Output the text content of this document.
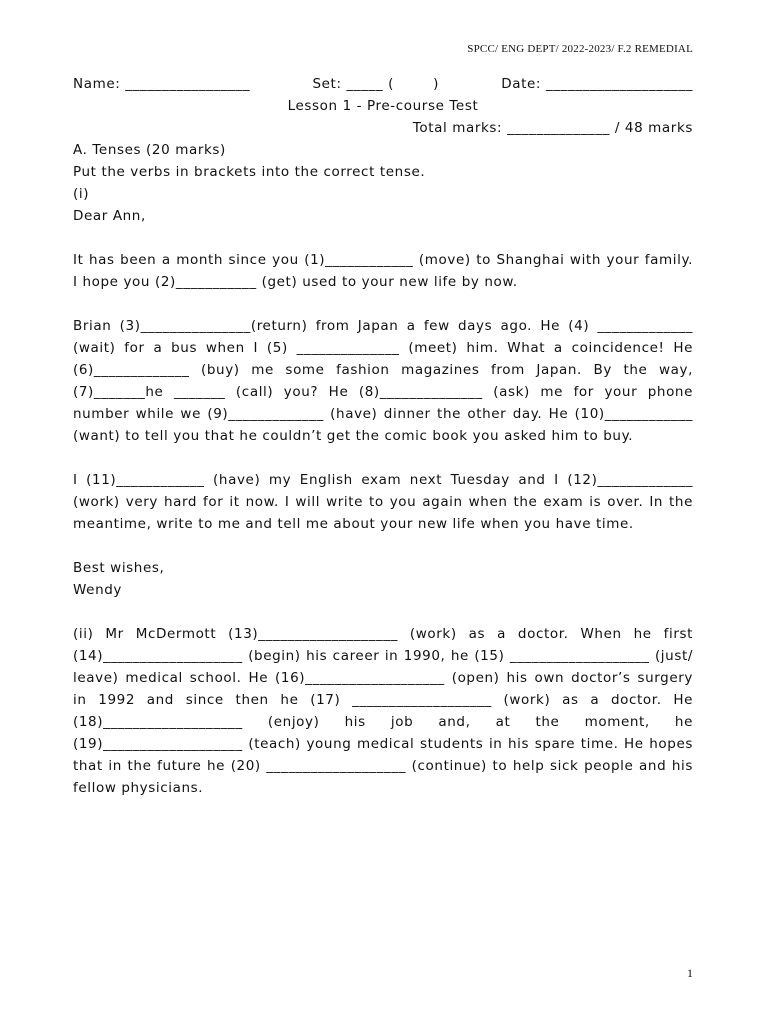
SPCC/ ENG DEPT/ 2022-2023/ F.2 REMEDIAL
Name: _________________	Set: _____ (        )	Date: ____________________
Lesson 1 - Pre-course Test
Total marks: ______________ / 48 marks
A. Tenses (20 marks)
Put the verbs in brackets into the correct tense.
(i)
Dear Ann,
It has been a month since you (1)____________ (move) to Shanghai with your family. I hope you (2)___________ (get) used to your new life by now.
Brian (3)_______________(return) from Japan a few days ago. He (4) _____________ (wait) for a bus when I (5) ______________ (meet) him. What a coincidence! He (6)_____________ (buy) me some fashion magazines from Japan. By the way, (7)_______he _______ (call) you? He (8)______________ (ask) me for your phone number while we (9)_____________ (have) dinner the other day. He (10)____________ (want) to tell you that he couldn’t get the comic book you asked him to buy.
I (11)____________ (have) my English exam next Tuesday and I (12)_____________ (work) very hard for it now. I will write to you again when the exam is over. In the meantime, write to me and tell me about your new life when you have time.
Best wishes,
Wendy
(ii) Mr McDermott (13)___________________ (work) as a doctor. When he first (14)___________________ (begin) his career in 1990, he (15) ___________________ (just/ leave) medical school. He (16)___________________ (open) his own doctor’s surgery in 1992 and since then he (17) ___________________ (work) as a doctor. He (18)___________________ (enjoy) his job and, at the moment, he (19)___________________ (teach) young medical students in his spare time. He hopes that in the future he (20) ___________________ (continue) to help sick people and his fellow physicians.
1
